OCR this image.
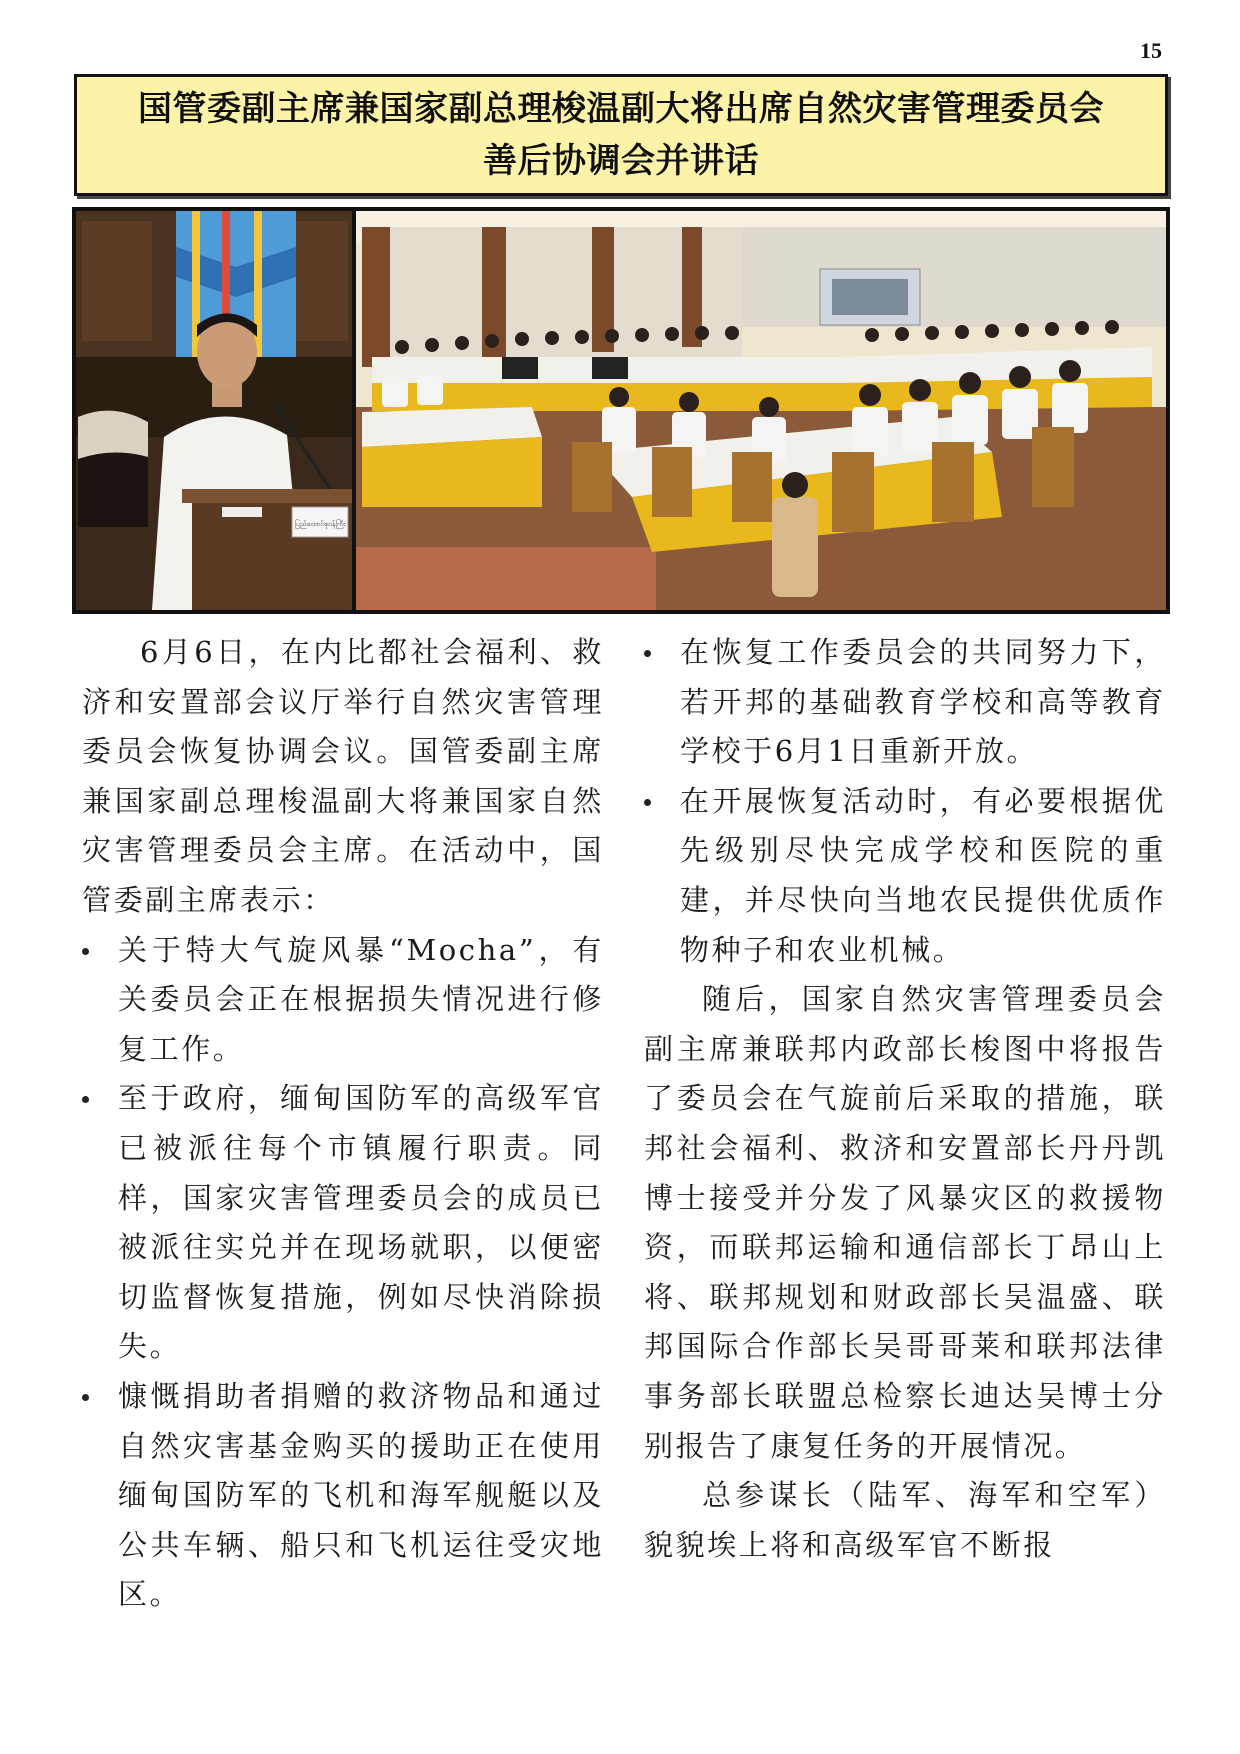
15
国管委副主席兼国家副总理梭温副大将出席自然灾害管理委员会
善后协调会并讲话
ပြည်ထောင်စုဝန်ကြီး

6月6日，在内比都社会福利、救济和安置部会议厅举行自然灾害管理委员会恢复协调会议。国管委副主席兼国家副总理梭温副大将兼国家自然灾害管理委员会主席。在活动中，国管委副主席表示：

关于特大气旋风暴“Mocha”，有关委员会正在根据损失情况进行修复工作。
至于政府，缅甸国防军的高级军官已被派往每个市镇履行职责。同样，国家灾害管理委员会的成员已被派往实兑并在现场就职，以便密切监督恢复措施，例如尽快消除损失。
慷慨捐助者捐赠的救济物品和通过自然灾害基金购买的援助正在使用缅甸国防军的飞机和海军舰艇以及公共车辆、船只和飞机运往受灾地区。
在恢复工作委员会的共同努力下，若开邦的基础教育学校和高等教育学校于6月1日重新开放。
在开展恢复活动时，有必要根据优先级别尽快完成学校和医院的重建，并尽快向当地农民提供优质作物种子和农业机械。

随后，国家自然灾害管理委员会副主席兼联邦内政部长梭图中将报告了委员会在气旋前后采取的措施，联邦社会福利、救济和安置部长丹丹凯博士接受并分发了风暴灾区的救援物资，而联邦运输和通信部长丁昂山上将、联邦规划和财政部长吴温盛、联邦国际合作部长吴哥哥莱和联邦法律事务部长联盟总检察长迪达吴博士分别报告了康复任务的开展情况。

总参谋长（陆军、海军和空军）貌貌埃上将和高级军官不断报
